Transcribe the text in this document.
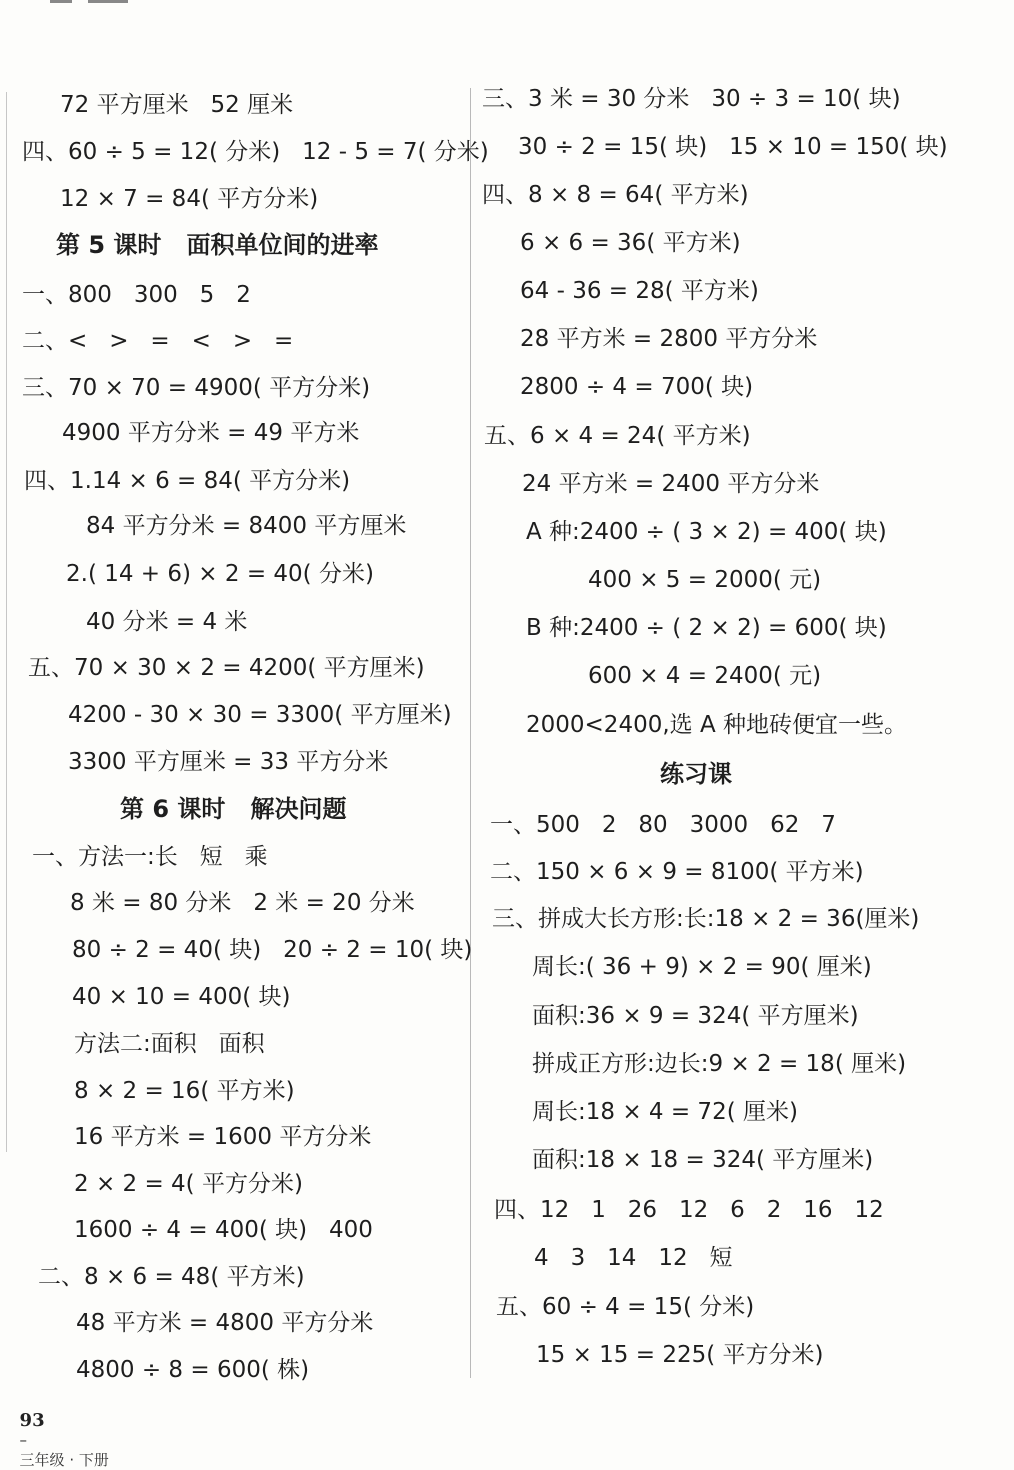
72 平方厘米   52 厘米
四、60 ÷ 5 = 12( 分米)   12 - 5 = 7( 分米)
12 × 7 = 84( 平方分米)
第 5 课时   面积单位间的进率
一、800   300   5   2
二、<   >   =   <   >   =
三、70 × 70 = 4900( 平方分米)
4900 平方分米 = 49 平方米
四、1.14 × 6 = 84( 平方分米)
84 平方分米 = 8400 平方厘米
2.( 14 + 6) × 2 = 40( 分米)
40 分米 = 4 米
五、70 × 30 × 2 = 4200( 平方厘米)
4200 - 30 × 30 = 3300( 平方厘米)
3300 平方厘米 = 33 平方分米
第 6 课时   解决问题
一、方法一:长   短   乘
8 米 = 80 分米   2 米 = 20 分米
80 ÷ 2 = 40( 块)   20 ÷ 2 = 10( 块)
40 × 10 = 400( 块)
方法二:面积   面积
8 × 2 = 16( 平方米)
16 平方米 = 1600 平方分米
2 × 2 = 4( 平方分米)
1600 ÷ 4 = 400( 块)   400
二、8 × 6 = 48( 平方米)
48 平方米 = 4800 平方分米
4800 ÷ 8 = 600( 株)
三、3 米 = 30 分米   30 ÷ 3 = 10( 块)
30 ÷ 2 = 15( 块)   15 × 10 = 150( 块)
四、8 × 8 = 64( 平方米)
6 × 6 = 36( 平方米)
64 - 36 = 28( 平方米)
28 平方米 = 2800 平方分米
2800 ÷ 4 = 700( 块)
五、6 × 4 = 24( 平方米)
24 平方米 = 2400 平方分米
A 种:2400 ÷ ( 3 × 2) = 400( 块)
400 × 5 = 2000( 元)
B 种:2400 ÷ ( 2 × 2) = 600( 块)
600 × 4 = 2400( 元)
2000<2400,选 A 种地砖便宜一些。
练习课
一、500   2   80   3000   62   7
二、150 × 6 × 9 = 8100( 平方米)
三、拼成大长方形:长:18 × 2 = 36(厘米)
周长:( 36 + 9) × 2 = 90( 厘米)
面积:36 × 9 = 324( 平方厘米)
拼成正方形:边长:9 × 2 = 18( 厘米)
周长:18 × 4 = 72( 厘米)
面积:18 × 18 = 324( 平方厘米)
四、12   1   26   12   6   2   16   12
4   3   14   12   短
五、60 ÷ 4 = 15( 分米)
15 × 15 = 225( 平方分米)

93
–
三年级 · 下册
